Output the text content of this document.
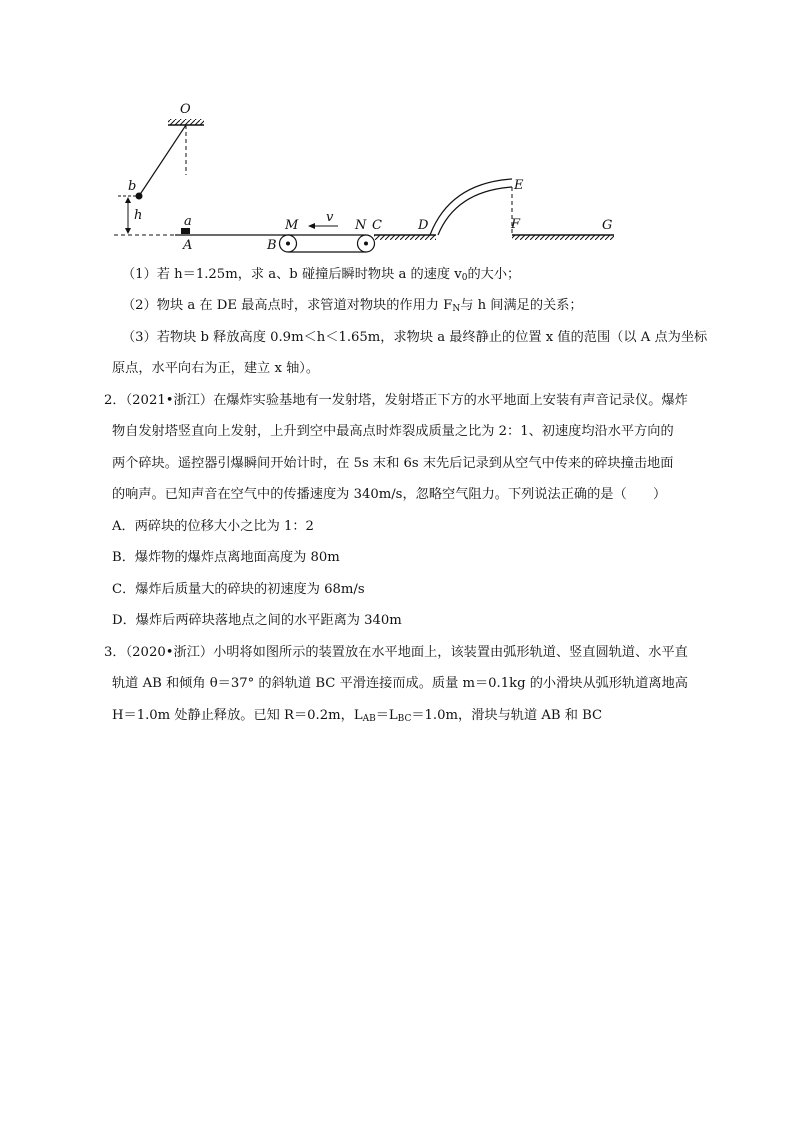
O
b
h	a
A	B
M	N C
v
D
E
F	G
（1）若 h＝1.25m，求 a、b 碰撞后瞬时物块 a 的速度 $v_0$的大小；
（2）物块 a 在 DE 最高点时，求管道对物块的作用力 $F_N$与 h 间满足的关系；
（3）若物块 b 释放高度 0.9m＜h＜1.65m，求物块 a 最终静止的位置 x 值的范围（以 A 点为坐标
原点，水平向右为正，建立 x 轴）。
2．（2021•浙江）在爆炸实验基地有一发射塔，发射塔正下方的水平地面上安装有声音记录仪。爆炸
物自发射塔竖直向上发射，上升到空中最高点时炸裂成质量之比为 2：1、初速度均沿水平方向的
两个碎块。遥控器引爆瞬间开始计时，在 5s 末和 6s 末先后记录到从空气中传来的碎块撞击地面
的响声。已知声音在空气中的传播速度为 340m/s，忽略空气阻力。下列说法正确的是（　　）
A．两碎块的位移大小之比为 1：2
B．爆炸物的爆炸点离地面高度为 80m
C．爆炸后质量大的碎块的初速度为 68m/s
D．爆炸后两碎块落地点之间的水平距离为 340m
3．（2020•浙江）小明将如图所示的装置放在水平地面上，该装置由弧形轨道、竖直圆轨道、水平直
轨道 AB 和倾角 θ＝37° 的斜轨道 BC 平滑连接而成。质量 m＝0.1kg 的小滑块从弧形轨道离地高
H＝1.0m 处静止释放。已知 R＝0.2m，$L_{AB}=L_{BC}=1.0m$，滑块与轨道 AB 和 BC
